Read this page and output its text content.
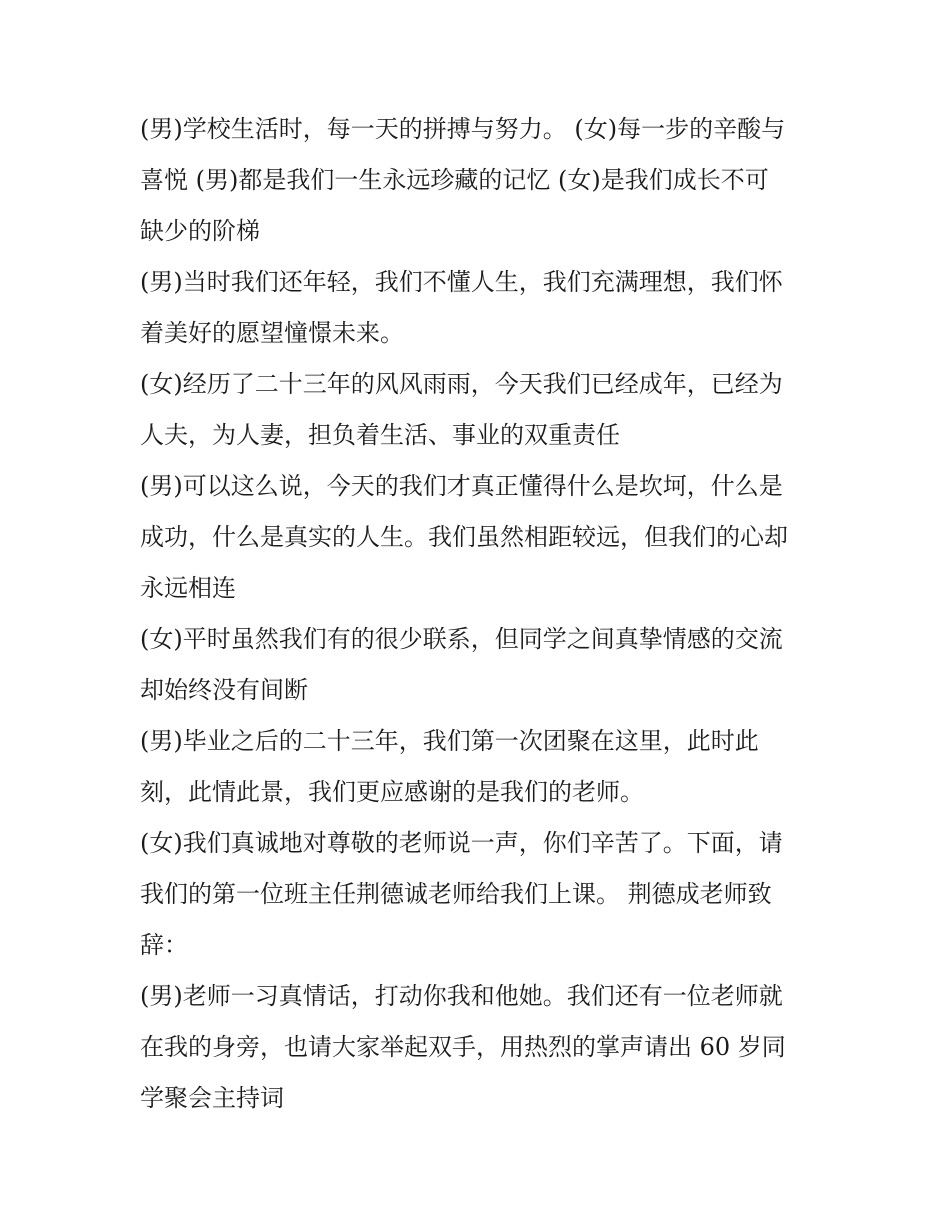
(男)学校生活时，每一天的拼搏与努力。 (女)每一步的辛酸与
喜悦 (男)都是我们一生永远珍藏的记忆 (女)是我们成长不可
缺少的阶梯
(男)当时我们还年轻，我们不懂人生，我们充满理想，我们怀
着美好的愿望憧憬未来。
(女)经历了二十三年的风风雨雨，今天我们已经成年，已经为
人夫，为人妻，担负着生活、事业的双重责任
(男)可以这么说，今天的我们才真正懂得什么是坎坷，什么是
成功，什么是真实的人生。我们虽然相距较远，但我们的心却
永远相连
(女)平时虽然我们有的很少联系，但同学之间真挚情感的交流
却始终没有间断
(男)毕业之后的二十三年，我们第一次团聚在这里，此时此
刻，此情此景，我们更应感谢的是我们的老师。
(女)我们真诚地对尊敬的老师说一声，你们辛苦了。下面，请
我们的第一位班主任荆德诚老师给我们上课。 荆德成老师致
辞：
(男)老师一习真情话，打动你我和他她。我们还有一位老师就
在我的身旁，也请大家举起双手，用热烈的掌声请出 60 岁同
学聚会主持词
